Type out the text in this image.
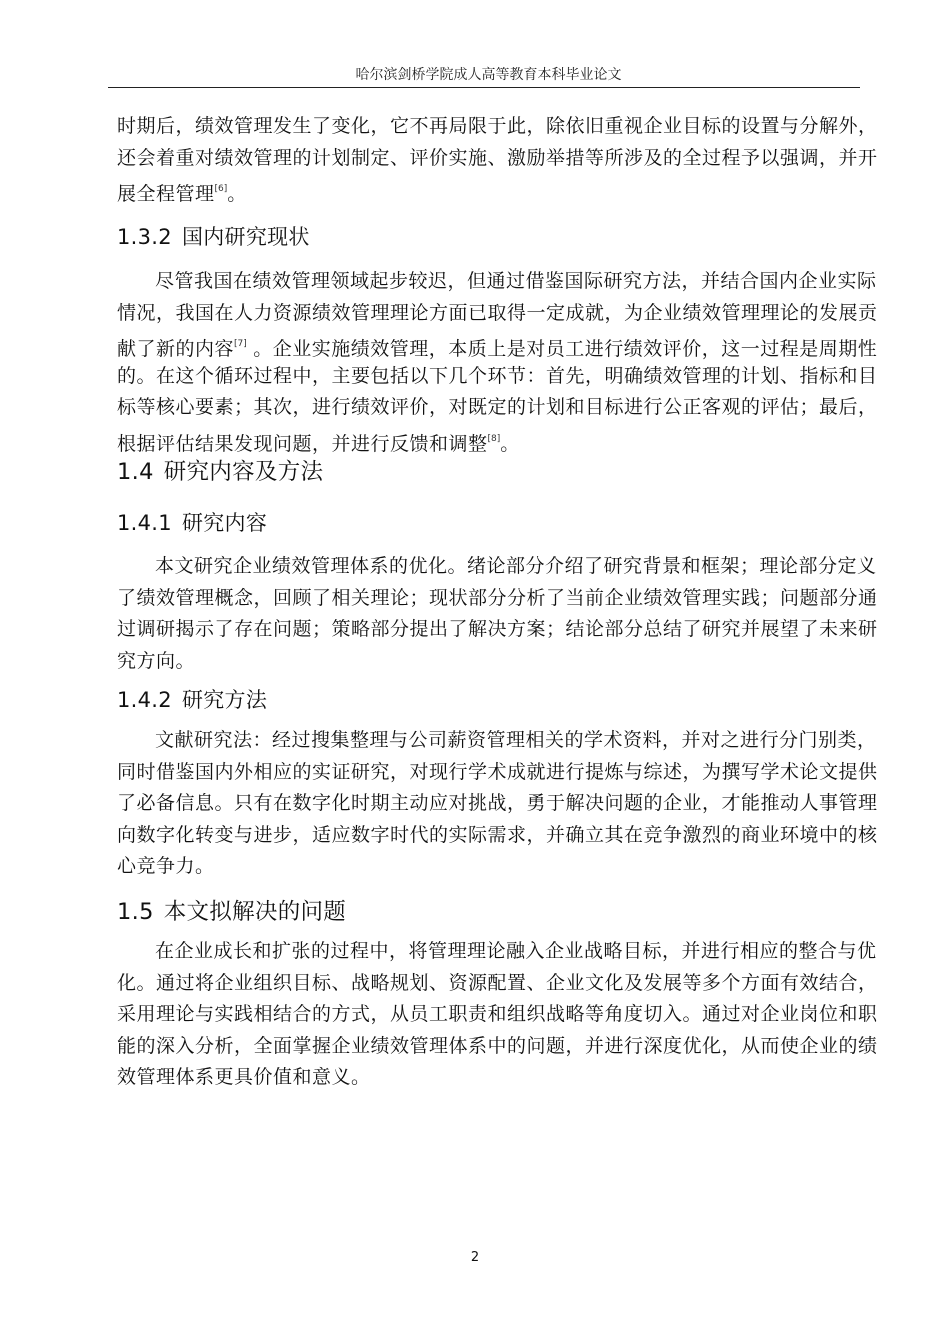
哈尔滨剑桥学院成人高等教育本科毕业论文
时期后，绩效管理发生了变化，它不再局限于此，除依旧重视企业目标的设置与分解外，
还会着重对绩效管理的计划制定、评价实施、激励举措等所涉及的全过程予以强调，并开
展全程管理[6]。
1.3.2 国内研究现状
尽管我国在绩效管理领域起步较迟，但通过借鉴国际研究方法，并结合国内企业实际
情况，我国在人力资源绩效管理理论方面已取得一定成就，为企业绩效管理理论的发展贡
献了新的内容[7] 。企业实施绩效管理，本质上是对员工进行绩效评价，这一过程是周期性
的。在这个循环过程中，主要包括以下几个环节：首先，明确绩效管理的计划、指标和目
标等核心要素；其次，进行绩效评价，对既定的计划和目标进行公正客观的评估；最后，
根据评估结果发现问题，并进行反馈和调整[8]。
1.4 研究内容及方法
1.4.1 研究内容
本文研究企业绩效管理体系的优化。绪论部分介绍了研究背景和框架；理论部分定义
了绩效管理概念，回顾了相关理论；现状部分分析了当前企业绩效管理实践；问题部分通
过调研揭示了存在问题；策略部分提出了解决方案；结论部分总结了研究并展望了未来研
究方向。
1.4.2 研究方法
文献研究法：经过搜集整理与公司薪资管理相关的学术资料，并对之进行分门别类，
同时借鉴国内外相应的实证研究，对现行学术成就进行提炼与综述，为撰写学术论文提供
了必备信息。只有在数字化时期主动应对挑战，勇于解决问题的企业，才能推动人事管理
向数字化转变与进步，适应数字时代的实际需求，并确立其在竞争激烈的商业环境中的核
心竞争力。
1.5 本文拟解决的问题
在企业成长和扩张的过程中，将管理理论融入企业战略目标，并进行相应的整合与优
化。通过将企业组织目标、战略规划、资源配置、企业文化及发展等多个方面有效结合，
采用理论与实践相结合的方式，从员工职责和组织战略等角度切入。通过对企业岗位和职
能的深入分析，全面掌握企业绩效管理体系中的问题，并进行深度优化，从而使企业的绩
效管理体系更具价值和意义。
2
